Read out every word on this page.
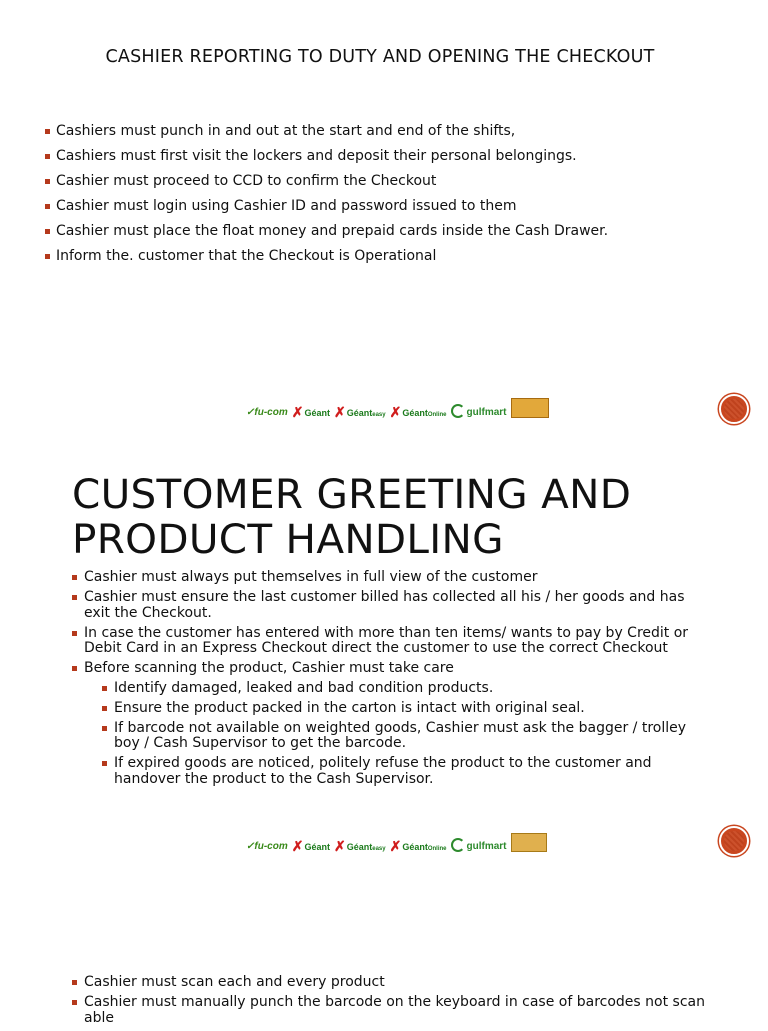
CASHIER REPORTING TO DUTY AND OPENING THE CHECKOUT
Cashiers must punch in and out at the start and end of the shifts,
Cashiers must first visit the lockers and deposit their personal belongings.
Cashier must proceed to CCD to confirm the Checkout
Cashier must login using Cashier ID and password issued to them
Cashier must place the float money and prepaid cards inside the Cash Drawer.
Inform the. customer that the Checkout is Operational
✓fu-com ✗ Géant ✗ Géant easy ✗ Géant Online gulfmart
CUSTOMER GREETING AND
PRODUCT HANDLING
Cashier must always put themselves in full view of the customer
Cashier must ensure the last customer billed has collected all his / her goods and has exit the Checkout.
In case the customer has entered with more than ten items/ wants to pay by Credit or Debit Card in an Express Checkout direct the customer to use the correct Checkout
Before scanning the product, Cashier must take care
Identify damaged, leaked and bad condition products.
Ensure the product packed in the carton is intact with original seal.
If barcode not available on weighted goods, Cashier must ask the bagger / trolley boy / Cash Supervisor to get the barcode.
If expired goods are noticed, politely refuse the product to the customer and handover the product to the Cash Supervisor.
✓fu-com ✗ Géant ✗ Géant easy ✗ Géant Online gulfmart
Cashier must scan each and every product
Cashier must manually punch the barcode on the keyboard in case of barcodes not scan able
